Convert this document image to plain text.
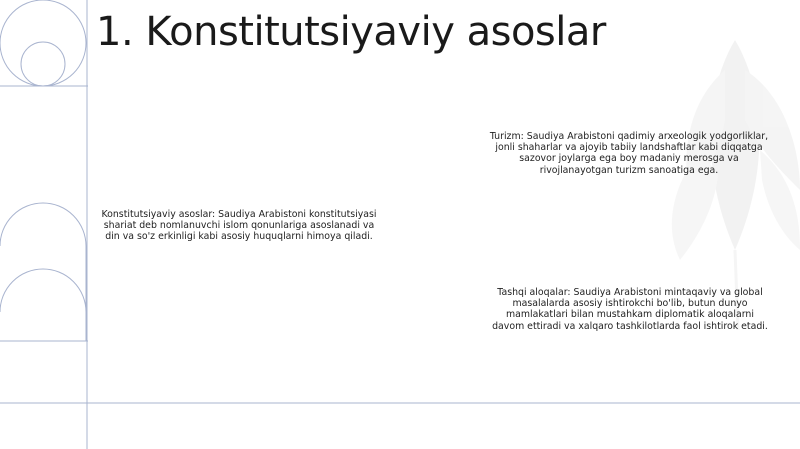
1. Konstitutsiyaviy asoslar

Konstitutsiyaviy asoslar: Saudiya Arabistoni konstitutsiyasi shariat deb nomlanuvchi islom qonunlariga asoslanadi va din va so'z erkinligi kabi asosiy huquqlarni himoya qiladi.

Turizm: Saudiya Arabistoni qadimiy arxeologik yodgorliklar, jonli shaharlar va ajoyib tabiiy landshaftlar kabi diqqatga sazovor joylarga ega boy madaniy merosga va rivojlanayotgan turizm sanoatiga ega.

Tashqi aloqalar: Saudiya Arabistoni mintaqaviy va global masalalarda asosiy ishtirokchi bo'lib, butun dunyo mamlakatlari bilan mustahkam diplomatik aloqalarni davom ettiradi va xalqaro tashkilotlarda faol ishtirok etadi.
